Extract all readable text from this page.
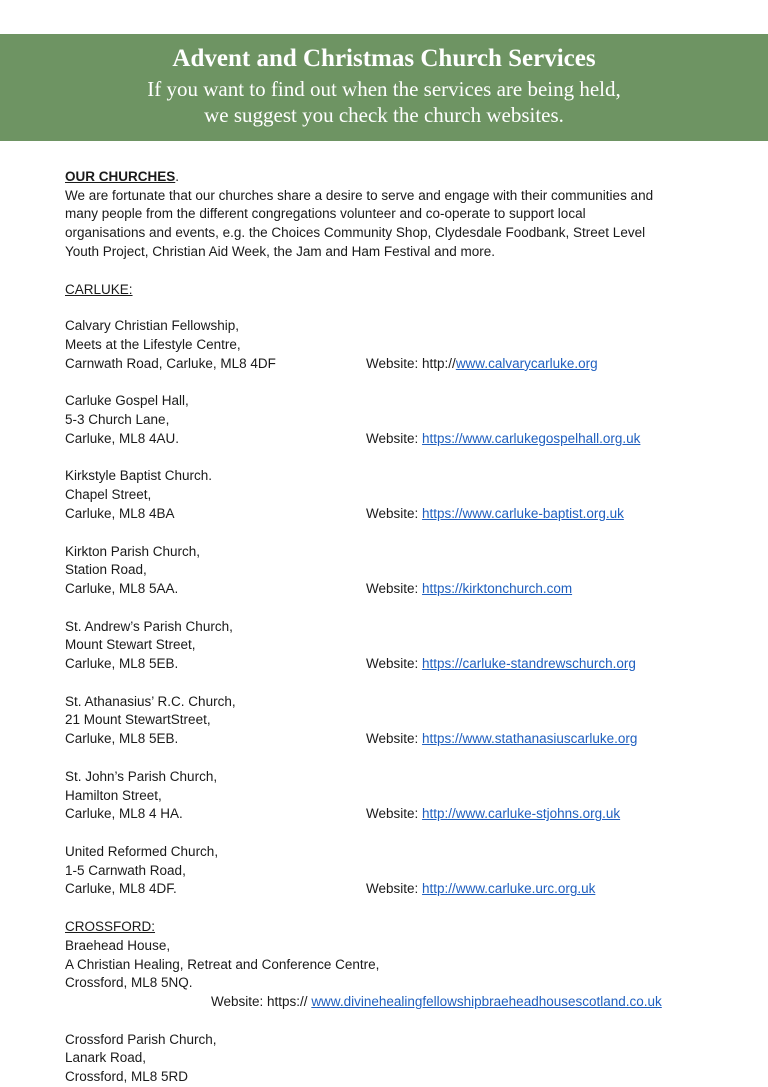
Advent and Christmas Church Services
If you want to find out when the services are being held,
we suggest you check the church websites.
OUR CHURCHES.

We are fortunate that our churches share a desire to serve and engage with their communities and

many people from the different congregations volunteer and co-operate to support local

organisations and events, e.g. the Choices Community Shop, Clydesdale Foodbank, Street Level

Youth Project, Christian Aid Week, the Jam and Ham Festival and more.

CARLUKE:
Calvary Christian Fellowship,
Meets at the Lifestyle Centre,
Carnwath Road, Carluke, ML8 4DF	Website: http://www.calvarycarluke.org
Carluke Gospel Hall,
5-3 Church Lane,
Carluke, ML8 4AU.	Website: https://www.carlukegospelhall.org.uk
Kirkstyle Baptist Church.
Chapel Street,
Carluke, ML8 4BA	Website: https://www.carluke-baptist.org.uk
Kirkton Parish Church,
Station Road,
Carluke, ML8 5AA.	Website: https://kirktonchurch.com
St. Andrew’s Parish Church,
Mount Stewart Street,
Carluke, ML8 5EB.	Website: https://carluke-standrewschurch.org
St. Athanasius’ R.C. Church,
21 Mount StewartStreet,
Carluke, ML8 5EB.	Website: https://www.stathanasiuscarluke.org
St. John’s Parish Church,
Hamilton Street,
Carluke, ML8 4 HA.	Website: http://www.carluke-stjohns.org.uk
United Reformed Church,
1-5 Carnwath Road,
Carluke, ML8 4DF.	Website: http://www.carluke.urc.org.uk
CROSSFORD:
Braehead House,
A Christian Healing, Retreat and Conference Centre,
Crossford, ML8 5NQ.
Website: https:// www.divinehealingfellowshipbraeheadhousescotland.co.uk
Crossford Parish Church,
Lanark Road,
Crossford, ML8 5RD
